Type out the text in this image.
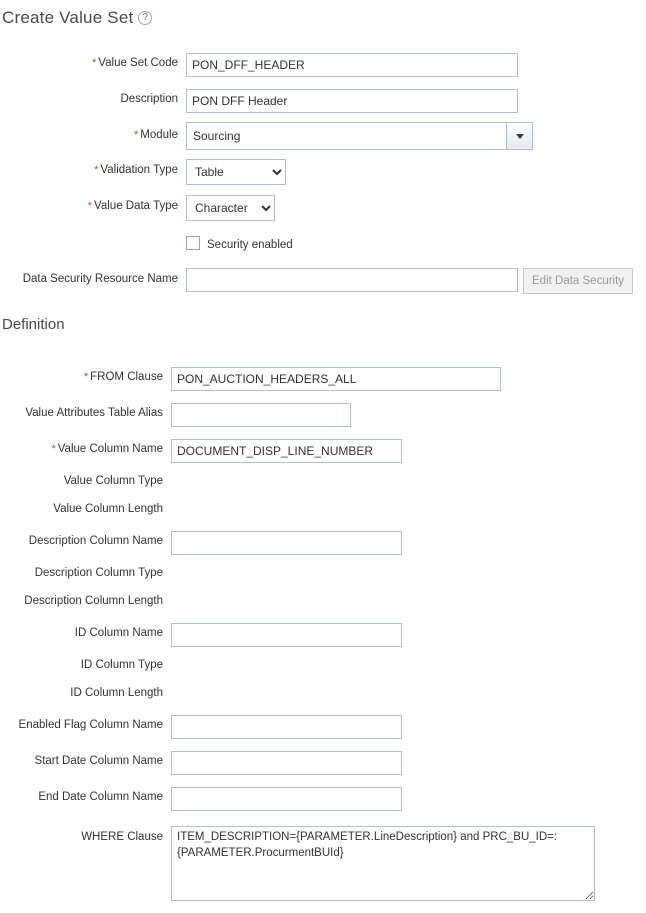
Create Value Set ?
* Value Set Code
PON_DFF_HEADER
Description
PON DFF Header
* Module
Sourcing
* Validation Type
Table
* Value Data Type
Character
Security enabled
Data Security Resource Name	Edit Data Security
Definition
* FROM Clause
PON_AUCTION_HEADERS_ALL
Value Attributes Table Alias
* Value Column Name
DOCUMENT_DISP_LINE_NUMBER
Value Column Type
Value Column Length
Description Column Name
Description Column Type
Description Column Length
ID Column Name
ID Column Type
ID Column Length
Enabled Flag Column Name
Start Date Column Name
End Date Column Name
WHERE Clause
ITEM_DESCRIPTION={PARAMETER.LineDescription} and PRC_BU_ID=:{PARAMETER.ProcurmentBUId}
